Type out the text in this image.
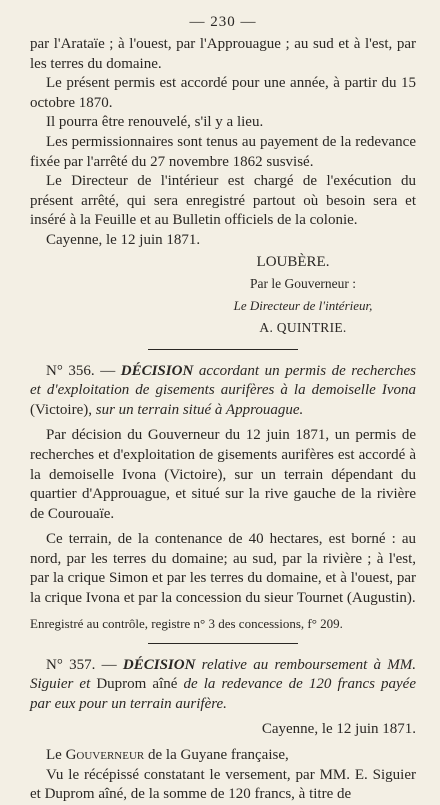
— 230 —

par l'Arataïe ; à l'ouest, par l'Approuague ; au sud et à l'est, par les terres du domaine.

Le présent permis est accordé pour une année, à partir du 15 octobre 1870.

Il pourra être renouvelé, s'il y a lieu.

Les permissionnaires sont tenus au payement de la redevance fixée par l'arrêté du 27 novembre 1862 susvisé.

Le Directeur de l'intérieur est chargé de l'exécution du présent arrêté, qui sera enregistré partout où besoin sera et inséré à la Feuille et au Bulletin officiels de la colonie.

Cayenne, le 12 juin 1871.

LOUBÈRE.
Par le Gouverneur :
Le Directeur de l'intérieur,
A. QUINTRIE.

N° 356. — DÉCISION accordant un permis de recherches et d'exploitation de gisements aurifères à la demoiselle Ivona (Victoire), sur un terrain situé à Approuague.

Par décision du Gouverneur du 12 juin 1871, un permis de recherches et d'exploitation de gisements aurifères est accordé à la demoiselle Ivona (Victoire), sur un terrain dépendant du quartier d'Approuague, et situé sur la rive gauche de la rivière de Courouaïe.

Ce terrain, de la contenance de 40 hectares, est borné : au nord, par les terres du domaine; au sud, par la rivière ; à l'est, par la crique Simon et par les terres du domaine, et à l'ouest, par la crique Ivona et par la concession du sieur Tournet (Augustin).

Enregistré au contrôle, registre n° 3 des concessions, f° 209.

N° 357. — DÉCISION relative au remboursement à MM. Siguier et Duprom aîné de la redevance de 120 francs payée par eux pour un terrain aurifère.

Cayenne, le 12 juin 1871.

Le Gouverneur de la Guyane française,

Vu le récépissé constatant le versement, par MM. E. Siguier et Duprom aîné, de la somme de 120 francs, à titre de
